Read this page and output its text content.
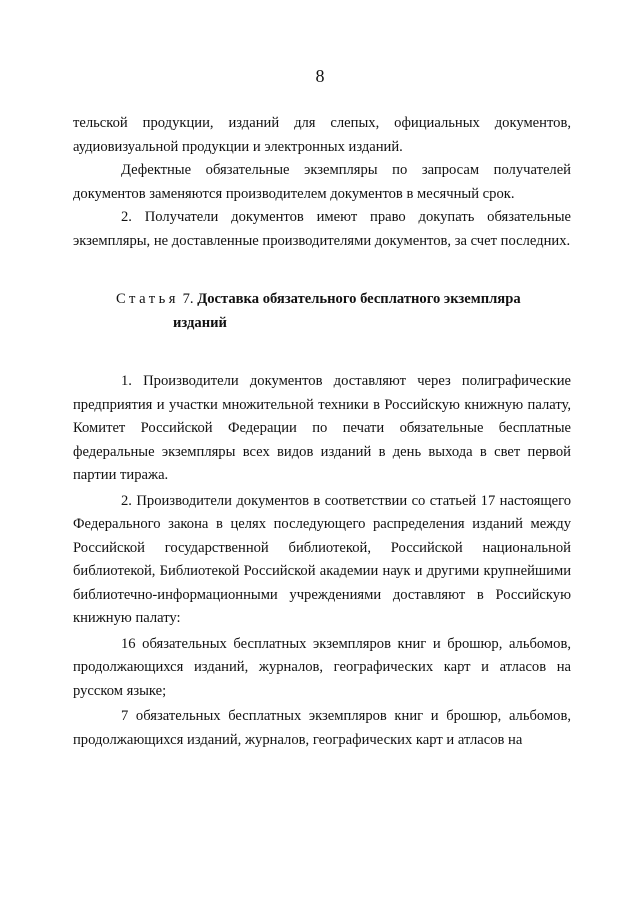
8

тельской продукции, изданий для слепых, официальных документов, аудиовизуальной продукции и электронных изданий.

Дефектные обязательные экземпляры по запросам получателей документов заменяются производителем документов в месячный срок.

2. Получатели документов имеют право докупать обязательные экземпляры, не доставленные производителями документов, за счет последних.

Статья 7. Доставка обязательного бесплатного экземпляра
изданий

1. Производители документов доставляют через полиграфические предприятия и участки множительной техники в Российскую книжную палату, Комитет Российской Федерации по печати обязательные бесплатные федеральные экземпляры всех видов изданий в день выхода в свет первой партии тиража.

2. Производители документов в соответствии со статьей 17 настоящего Федерального закона в целях последующего распределения изданий между Российской государственной библиотекой, Российской национальной библиотекой, Библиотекой Российской академии наук и другими крупнейшими библиотечно-информационными учреждениями доставляют в Российскую книжную палату:

16 обязательных бесплатных экземпляров книг и брошюр, альбомов, продолжающихся изданий, журналов, географических карт и атласов на русском языке;

7 обязательных бесплатных экземпляров книг и брошюр, альбомов, продолжающихся изданий, журналов, географических карт и атласов на
